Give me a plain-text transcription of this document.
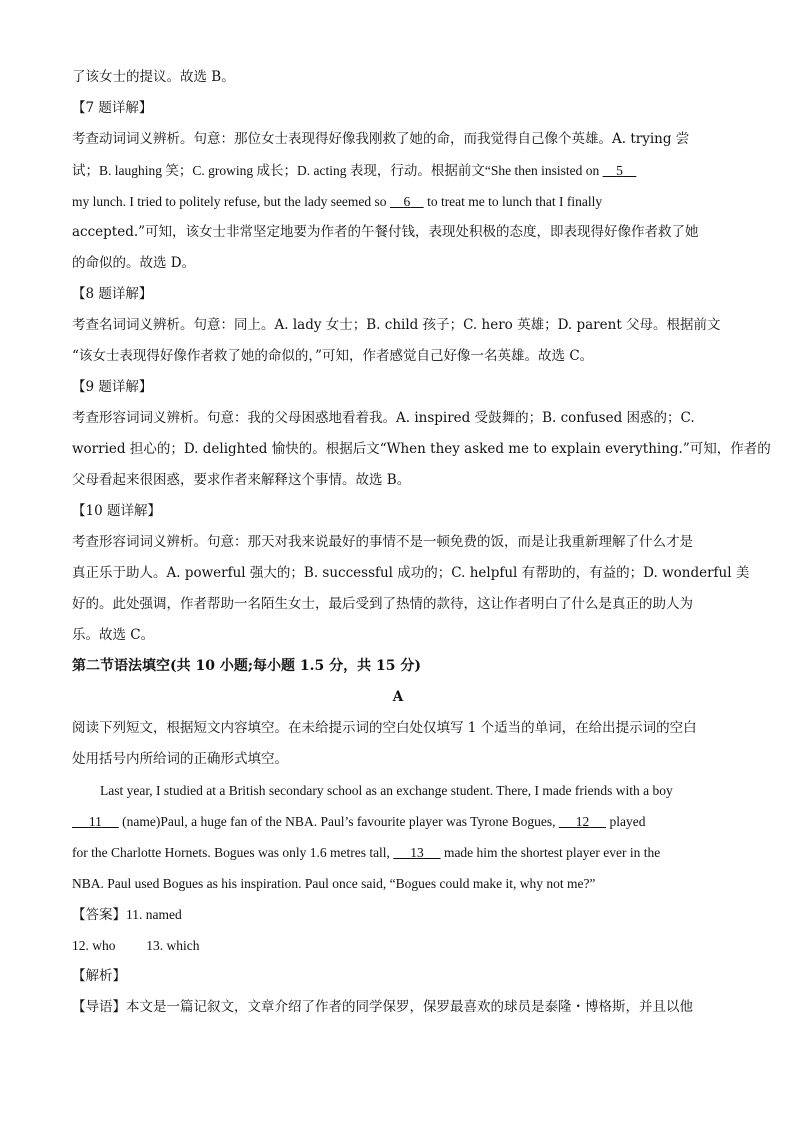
了该女士的提议。故选 B。
【7 题详解】
考查动词词义辨析。句意：那位女士表现得好像我刚救了她的命，而我觉得自己像个英雄。A. trying 尝
试；B. laughing 笑；C. growing 成长；D. acting 表现，行动。根据前文“She then insisted on 5
my lunch. I tried to politely refuse, but the lady seemed so 6 to treat me to lunch that I finally
accepted.”可知，该女士非常坚定地要为作者的午餐付钱，表现处积极的态度，即表现得好像作者救了她
的命似的。故选 D。
【8 题详解】
考查名词词义辨析。句意：同上。A. lady 女士；B. child 孩子；C. hero 英雄；D. parent 父母。根据前文
“该女士表现得好像作者救了她的命似的，”可知，作者感觉自己好像一名英雄。故选 C。
【9 题详解】
考查形容词词义辨析。句意：我的父母困惑地看着我。A. inspired 受鼓舞的；B. confused 困惑的；C.
worried 担心的；D. delighted 愉快的。根据后文“When they asked me to explain everything.”可知，作者的
父母看起来很困惑，要求作者来解释这个事情。故选 B。
【10 题详解】
考查形容词词义辨析。句意：那天对我来说最好的事情不是一顿免费的饭，而是让我重新理解了什么才是
真正乐于助人。A. powerful 强大的；B. successful 成功的；C. helpful 有帮助的，有益的；D. wonderful 美
好的。此处强调，作者帮助一名陌生女士，最后受到了热情的款待，这让作者明白了什么是真正的助人为
乐。故选 C。
第二节语法填空(共 10 小题;每小题 1.5 分，共 15 分)
A
阅读下列短文，根据短文内容填空。在未给提示词的空白处仅填写 1 个适当的单词，在给出提示词的空白
处用括号内所给词的正确形式填空。
Last year, I studied at a British secondary school as an exchange student. There, I made friends with a boy
11 (name)Paul, a huge fan of the NBA. Paul’s favourite player was Tyrone Bogues, 12 played
for the Charlotte Hornets. Bogues was only 1.6 metres tall, 13 made him the shortest player ever in the
NBA. Paul used Bogues as his inspiration. Paul once said, “Bogues could make it, why not me?”
【答案】11. named
12. who 13. which
【解析】
【导语】本文是一篇记叙文，文章介绍了作者的同学保罗，保罗最喜欢的球员是泰隆・博格斯，并且以他
